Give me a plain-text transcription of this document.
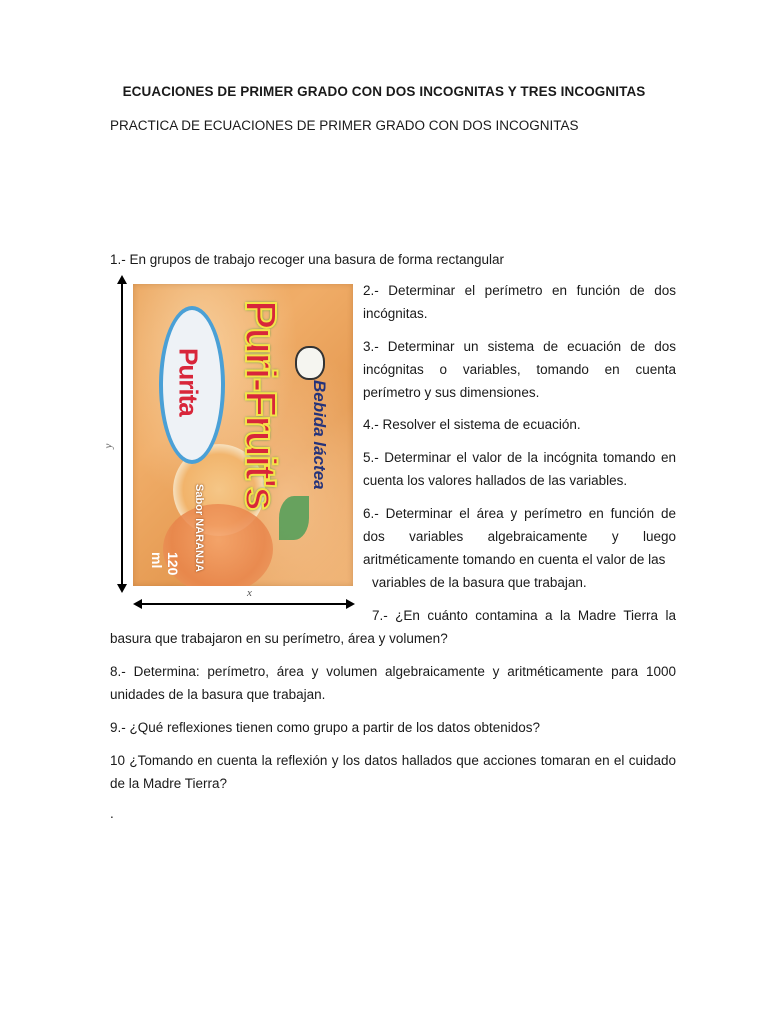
ECUACIONES DE PRIMER GRADO CON DOS INCOGNITAS Y TRES INCOGNITAS
PRACTICA DE ECUACIONES DE PRIMER GRADO CON DOS INCOGNITAS
1.- En grupos de trabajo recoger una basura de forma rectangular
2.- Determinar el perímetro en función de dos incógnitas.
3.- Determinar un sistema de ecuación de dos incógnitas o variables, tomando en cuenta perímetro y sus dimensiones.
4.- Resolver el sistema de ecuación.
5.- Determinar el valor de la incógnita tomando en cuenta los valores hallados de las variables.
6.- Determinar el área y perímetro en función de dos variables algebraicamente y luego aritméticamente tomando en cuenta el valor de las
variables de la basura que trabajan.
7.- ¿En cuánto contamina a la Madre Tierra la basura que trabajaron en su perímetro, área y volumen?
8.- Determina: perímetro, área y volumen algebraicamente y aritméticamente para 1000 unidades de la basura que trabajan.
9.- ¿Qué reflexiones tienen como grupo a partir de los datos obtenidos?
10 ¿Tomando en cuenta la reflexión y los datos hallados que acciones tomaran en el cuidado de la Madre Tierra?
.
Purita Puri-Fruit's	Bebida láctea
Sabor NARANJA
120 ml
y
x
